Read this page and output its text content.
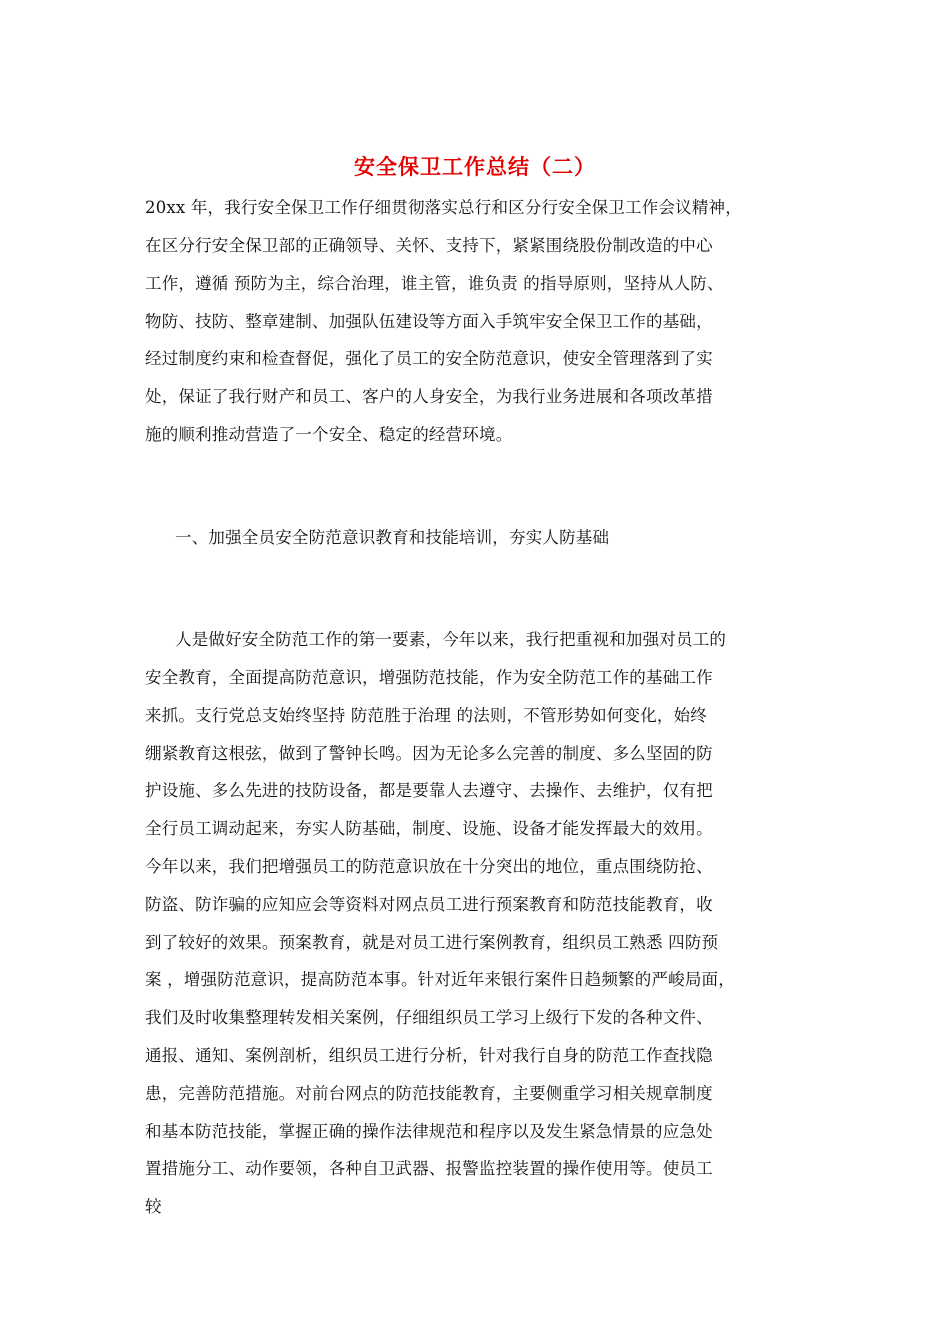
安全保卫工作总结（二）
20xx 年，我行安全保卫工作仔细贯彻落实总行和区分行安全保卫工作会议精神，
在区分行安全保卫部的正确领导、关怀、支持下，紧紧围绕股份制改造的中心
工作，遵循 预防为主，综合治理，谁主管，谁负责 的指导原则，坚持从人防、
物防、技防、整章建制、加强队伍建设等方面入手筑牢安全保卫工作的基础，
经过制度约束和检查督促，强化了员工的安全防范意识，使安全管理落到了实
处，保证了我行财产和员工、客户的人身安全，为我行业务进展和各项改革措
施的顺利推动营造了一个安全、稳定的经营环境。
一、加强全员安全防范意识教育和技能培训，夯实人防基础
人是做好安全防范工作的第一要素，今年以来，我行把重视和加强对员工的
安全教育，全面提高防范意识，增强防范技能，作为安全防范工作的基础工作
来抓。支行党总支始终坚持 防范胜于治理 的法则，不管形势如何变化，始终
绷紧教育这根弦，做到了警钟长鸣。因为无论多么完善的制度、多么坚固的防
护设施、多么先进的技防设备，都是要靠人去遵守、去操作、去维护，仅有把
全行员工调动起来，夯实人防基础，制度、设施、设备才能发挥最大的效用。
今年以来，我们把增强员工的防范意识放在十分突出的地位，重点围绕防抢、
防盗、防诈骗的应知应会等资料对网点员工进行预案教育和防范技能教育，收
到了较好的效果。预案教育，就是对员工进行案例教育，组织员工熟悉 四防预
案 ，增强防范意识，提高防范本事。针对近年来银行案件日趋频繁的严峻局面，
我们及时收集整理转发相关案例，仔细组织员工学习上级行下发的各种文件、
通报、通知、案例剖析，组织员工进行分析，针对我行自身的防范工作查找隐
患，完善防范措施。对前台网点的防范技能教育，主要侧重学习相关规章制度
和基本防范技能，掌握正确的操作法律规范和程序以及发生紧急情景的应急处
置措施分工、动作要领，各种自卫武器、报警监控装置的操作使用等。使员工
较
